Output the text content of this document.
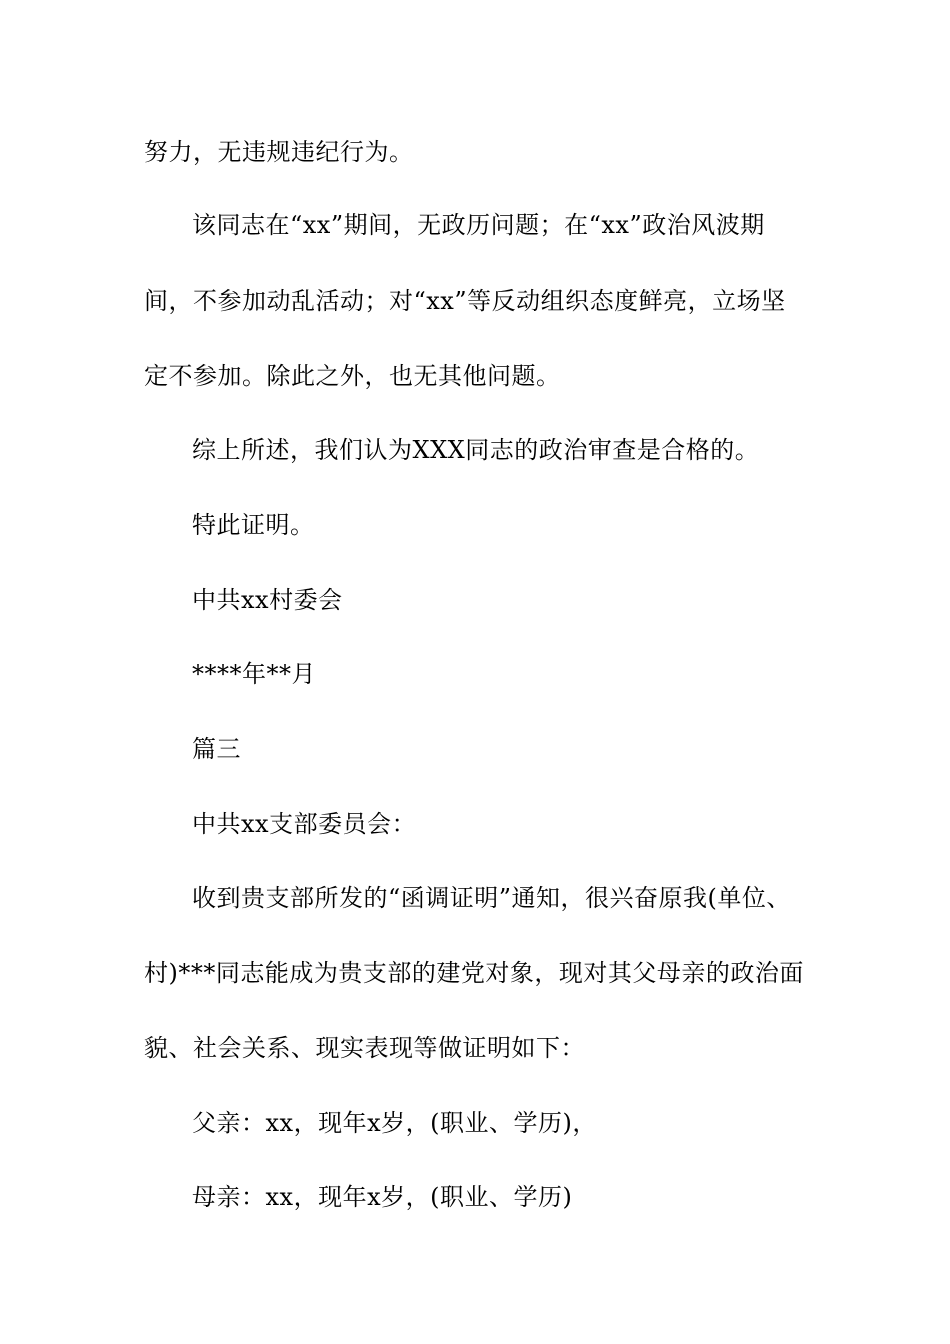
努力，无违规违纪行为。
该同志在“xx”期间，无政历问题；在“xx”政治风波期
间，不参加动乱活动；对“xx”等反动组织态度鲜亮，立场坚
定不参加。除此之外，也无其他问题。
综上所述，我们认为XXX同志的政治审查是合格的。
特此证明。
中共xx村委会
****年**月
篇三
中共xx支部委员会：
收到贵支部所发的“函调证明”通知，很兴奋原我(单位、
村)***同志能成为贵支部的建党对象，现对其父母亲的政治面
貌、社会关系、现实表现等做证明如下：
父亲：xx，现年x岁，(职业、学历)，
母亲：xx，现年x岁，(职业、学历)
